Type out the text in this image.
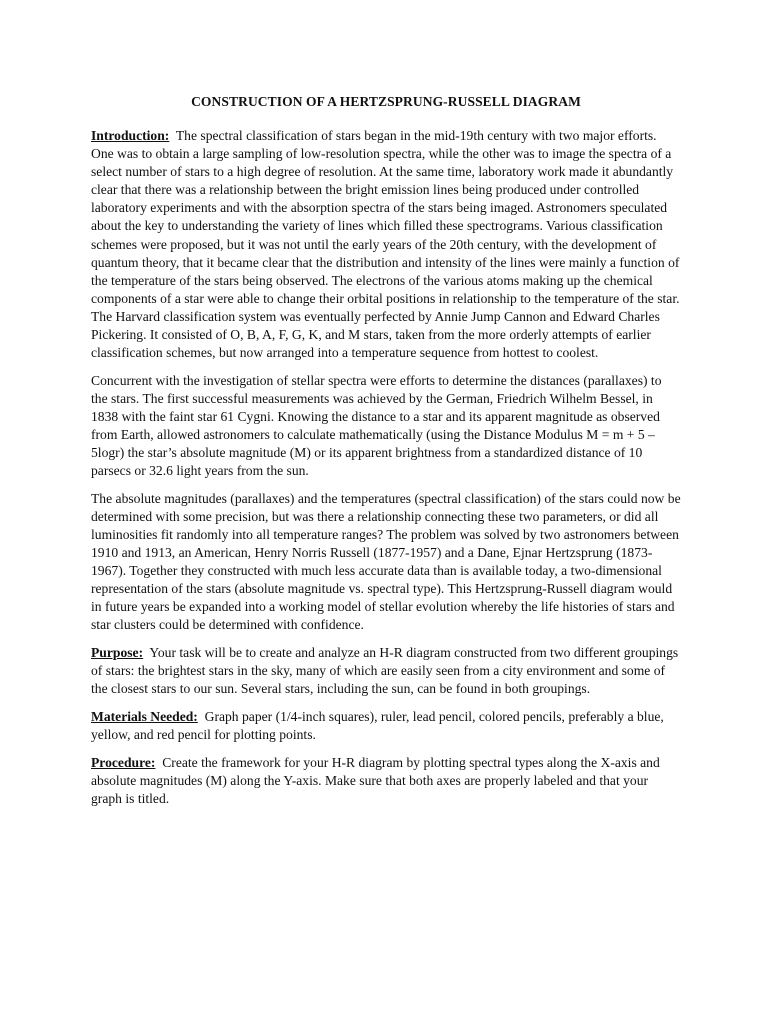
CONSTRUCTION OF A HERTZSPRUNG-RUSSELL DIAGRAM

Introduction: The spectral classification of stars began in the mid-19th century with two major efforts. One was to obtain a large sampling of low-resolution spectra, while the other was to image the spectra of a select number of stars to a high degree of resolution. At the same time, laboratory work made it abundantly clear that there was a relationship between the bright emission lines being produced under controlled laboratory experiments and with the absorption spectra of the stars being imaged. Astronomers speculated about the key to understanding the variety of lines which filled these spectrograms. Various classification schemes were proposed, but it was not until the early years of the 20th century, with the development of quantum theory, that it became clear that the distribution and intensity of the lines were mainly a function of the temperature of the stars being observed. The electrons of the various atoms making up the chemical components of a star were able to change their orbital positions in relationship to the temperature of the star. The Harvard classification system was eventually perfected by Annie Jump Cannon and Edward Charles Pickering. It consisted of O, B, A, F, G, K, and M stars, taken from the more orderly attempts of earlier classification schemes, but now arranged into a temperature sequence from hottest to coolest.

Concurrent with the investigation of stellar spectra were efforts to determine the distances (parallaxes) to the stars. The first successful measurements was achieved by the German, Friedrich Wilhelm Bessel, in 1838 with the faint star 61 Cygni. Knowing the distance to a star and its apparent magnitude as observed from Earth, allowed astronomers to calculate mathematically (using the Distance Modulus M = m + 5 – 5logr) the star’s absolute magnitude (M) or its apparent brightness from a standardized distance of 10 parsecs or 32.6 light years from the sun.

The absolute magnitudes (parallaxes) and the temperatures (spectral classification) of the stars could now be determined with some precision, but was there a relationship connecting these two parameters, or did all luminosities fit randomly into all temperature ranges? The problem was solved by two astronomers between 1910 and 1913, an American, Henry Norris Russell (1877-1957) and a Dane, Ejnar Hertzsprung (1873-1967). Together they constructed with much less accurate data than is available today, a two-dimensional representation of the stars (absolute magnitude vs. spectral type). This Hertzsprung-Russell diagram would in future years be expanded into a working model of stellar evolution whereby the life histories of stars and star clusters could be determined with confidence.

Purpose: Your task will be to create and analyze an H-R diagram constructed from two different groupings of stars: the brightest stars in the sky, many of which are easily seen from a city environment and some of the closest stars to our sun. Several stars, including the sun, can be found in both groupings.

Materials Needed: Graph paper (1/4-inch squares), ruler, lead pencil, colored pencils, preferably a blue, yellow, and red pencil for plotting points.

Procedure: Create the framework for your H-R diagram by plotting spectral types along the X-axis and absolute magnitudes (M) along the Y-axis. Make sure that both axes are properly labeled and that your graph is titled.
